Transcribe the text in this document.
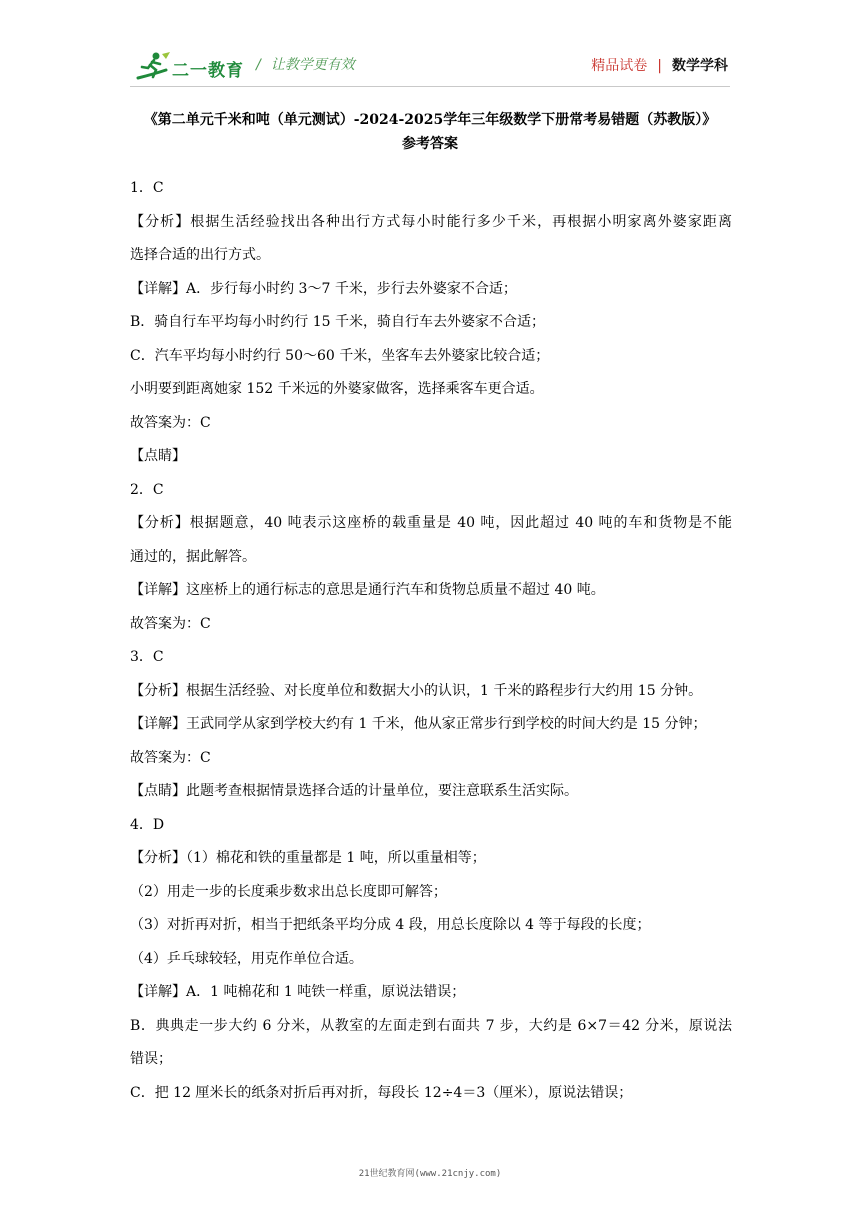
二一教育 / 让教学更有效	精品试卷 | 数学学科
《第二单元千米和吨（单元测试）-2024-2025学年三年级数学下册常考易错题（苏教版）》
参考答案
1．C
【分析】根据生活经验找出各种出行方式每小时能行多少千米，再根据小明家离外婆家距离
选择合适的出行方式。
【详解】A．步行每小时约 3～7 千米，步行去外婆家不合适；
B．骑自行车平均每小时约行 15 千米，骑自行车去外婆家不合适；
C．汽车平均每小时约行 50～60 千米，坐客车去外婆家比较合适；
小明要到距离她家 152 千米远的外婆家做客，选择乘客车更合适。
故答案为：C
【点睛】
2．C
【分析】根据题意，40 吨表示这座桥的载重量是 40 吨，因此超过 40 吨的车和货物是不能
通过的，据此解答。
【详解】这座桥上的通行标志的意思是通行汽车和货物总质量不超过 40 吨。
故答案为：C
3．C
【分析】根据生活经验、对长度单位和数据大小的认识，1 千米的路程步行大约用 15 分钟。
【详解】王武同学从家到学校大约有 1 千米，他从家正常步行到学校的时间大约是 15 分钟；
故答案为：C
【点睛】此题考查根据情景选择合适的计量单位，要注意联系生活实际。
4．D
【分析】（1）棉花和铁的重量都是 1 吨，所以重量相等；
（2）用走一步的长度乘步数求出总长度即可解答；
（3）对折再对折，相当于把纸条平均分成 4 段，用总长度除以 4 等于每段的长度；
（4）乒乓球较轻，用克作单位合适。
【详解】A．1 吨棉花和 1 吨铁一样重，原说法错误；
B．典典走一步大约 6 分米，从教室的左面走到右面共 7 步，大约是 6×7＝42 分米，原说法
错误；
C．把 12 厘米长的纸条对折后再对折，每段长 12÷4＝3（厘米），原说法错误；
21世纪教育网(www.21cnjy.com)
